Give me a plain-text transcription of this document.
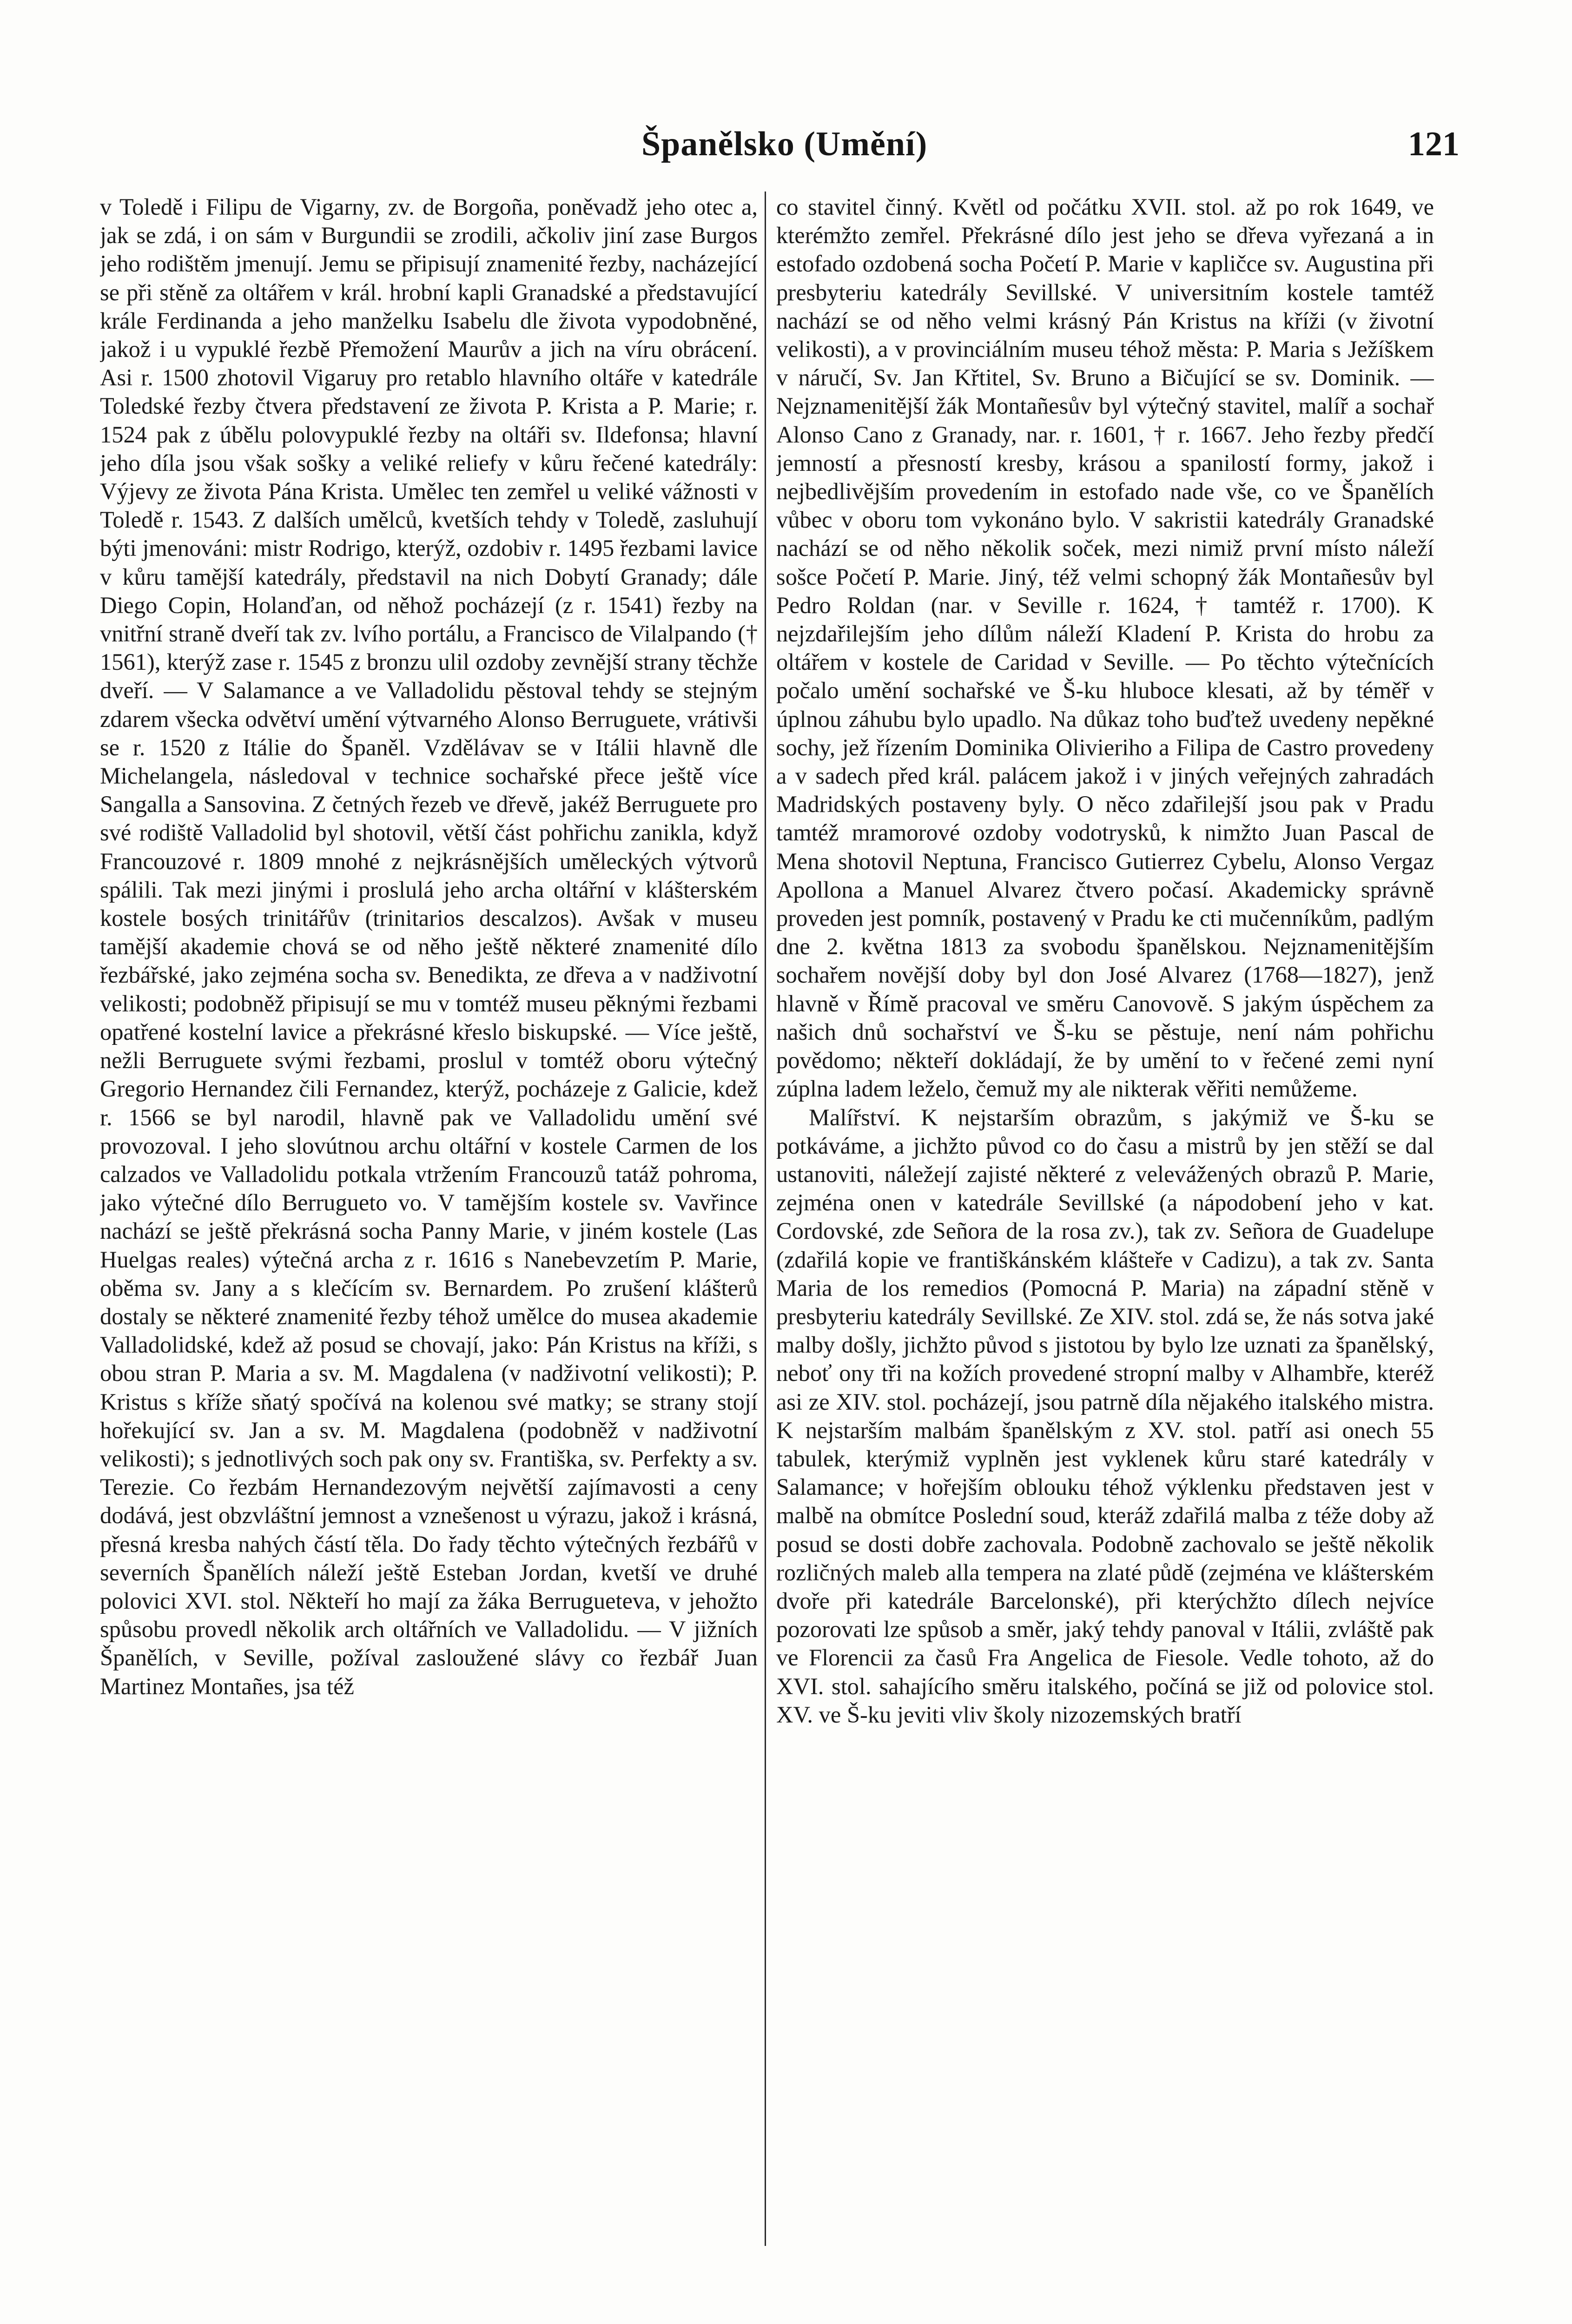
Španělsko (Umění)	121

v Toledě i Filipu de Vigarny, zv. de Borgoña, poněvadž jeho otec a, jak se zdá, i on sám v Burgundii se zrodili, ačkoliv jiní zase Burgos jeho rodištěm jmenují. Jemu se připisují znamenité řezby, nacházející se při stěně za oltářem v král. hrobní kapli Granadské a představující krále Ferdinanda a jeho manželku Isabelu dle života vypodobněné, jakož i u vypuklé řezbě Přemožení Maurův a jich na víru obrácení. Asi r. 1500 zhotovil Vigaruy pro retablo hlavního oltáře v katedrále Toledské řezby čtvera představení ze života P. Krista a P. Marie; r. 1524 pak z úbělu polovypuklé řezby na oltáři sv. Ildefonsa; hlavní jeho díla jsou však sošky a veliké reliefy v kůru řečené katedrály: Výjevy ze života Pána Krista. Umělec ten zemřel u veliké vážnosti v Toledě r. 1543. Z dalších umělců, kvetších tehdy v Toledě, zasluhují býti jmenováni: mistr Rodrigo, kterýž, ozdobiv r. 1495 řezbami lavice v kůru tamější katedrály, představil na nich Dobytí Granady; dále Diego Copin, Holanďan, od něhož pocházejí (z r. 1541) řezby na vnitřní straně dveří tak zv. lvího portálu, a Francisco de Vilalpando († 1561), kterýž zase r. 1545 z bronzu ulil ozdoby zevnější strany těchže dveří. — V Salamance a ve Valladolidu pěstoval tehdy se stejným zdarem všecka odvětví umění výtvarného Alonso Berruguete, vrátivši se r. 1520 z Itálie do Španěl. Vzdělávav se v Itálii hlavně dle Michelangela, následoval v technice sochařské přece ještě více Sangalla a Sansovina. Z četných řezeb ve dřevě, jakéž Berruguete pro své rodiště Valladolid byl shotovil, větší část pohřichu zanikla, když Francouzové r. 1809 mnohé z nejkrásnějších uměleckých výtvorů spálili. Tak mezi jinými i proslulá jeho archa oltářní v klášterském kostele bosých trinitářův (trinitarios descalzos). Avšak v museu tamější akademie chová se od něho ještě některé znamenité dílo řezbářské, jako zejména socha sv. Benedikta, ze dřeva a v nadživotní velikosti; podobněž připisují se mu v tomtéž museu pěknými řezbami opatřené kostelní lavice a překrásné křeslo biskupské. — Více ještě, nežli Berruguete svými řezbami, proslul v tomtéž oboru výtečný Gregorio Hernandez čili Fernandez, kterýž, pocházeje z Galicie, kdež r. 1566 se byl narodil, hlavně pak ve Valladolidu umění své provozoval. I jeho slovútnou archu oltářní v kostele Carmen de los calzados ve Valladolidu potkala vtržením Francouzů tatáž pohroma, jako výtečné dílo Berrugueto vo. V tamějším kostele sv. Vavřince nachází se ještě překrásná socha Panny Marie, v jiném kostele (Las Huelgas reales) výtečná archa z r. 1616 s Nanebevzetím P. Marie, oběma sv. Jany a s klečícím sv. Bernardem. Po zrušení klášterů dostaly se některé znamenité řezby téhož umělce do musea akademie Valladolidské, kdež až posud se chovají, jako: Pán Kristus na kříži, s obou stran P. Maria a sv. M. Magdalena (v nadživotní velikosti); P. Kristus s kříže sňatý spočívá na kolenou své matky; se strany stojí hořekující sv. Jan a sv. M. Magdalena (podobněž v nadživotní velikosti); s jednotlivých soch pak ony sv. Františka, sv. Perfekty a sv. Terezie. Co řezbám Hernandezovým největší zajímavosti a ceny dodává, jest obzvláštní jemnost a vznešenost u výrazu, jakož i krásná, přesná kresba nahých částí těla. Do řady těchto výtečných řezbářů v severních Španělích náleží ještě Esteban Jordan, kvetší ve druhé polovici XVI. stol. Někteří ho mají za žáka Berrugueteva, v jehožto spůsobu provedl několik arch oltářních ve Valladolidu. — V jižních Španělích, v Seville, požíval zasloužené slávy co řezbář Juan Martinez Montañes, jsa též

co stavitel činný. Květl od počátku XVII. stol. až po rok 1649, ve kterémžto zemřel. Překrásné dílo jest jeho se dřeva vyřezaná a in estofado ozdobená socha Početí P. Marie v kapličce sv. Augustina při presbyteriu katedrály Sevillské. V universitním kostele tamtéž nachází se od něho velmi krásný Pán Kristus na kříži (v životní velikosti), a v provinciálním museu téhož města: P. Maria s Ježíškem v náručí, Sv. Jan Křtitel, Sv. Bruno a Bičující se sv. Dominik. — Nejznamenitější žák Montañesův byl výtečný stavitel, malíř a sochař Alonso Cano z Granady, nar. r. 1601, † r. 1667. Jeho řezby předčí jemností a přesností kresby, krásou a spanilostí formy, jakož i nejbedlivějším provedením in estofado nade vše, co ve Španělích vůbec v oboru tom vykonáno bylo. V sakristii katedrály Granadské nachází se od něho několik soček, mezi nimiž první místo náleží sošce Početí P. Marie. Jiný, též velmi schopný žák Montañesův byl Pedro Roldan (nar. v Seville r. 1624, † tamtéž r. 1700). K nejzdařilejším jeho dílům náleží Kladení P. Krista do hrobu za oltářem v kostele de Caridad v Seville. — Po těchto výtečnících počalo umění sochařské ve Š-ku hluboce klesati, až by téměř v úplnou záhubu bylo upadlo. Na důkaz toho buďtež uvedeny nepěkné sochy, jež řízením Dominika Olivieriho a Filipa de Castro provedeny a v sadech před král. palácem jakož i v jiných veřejných zahradách Madridských postaveny byly. O něco zdařilejší jsou pak v Pradu tamtéž mramorové ozdoby vodotrysků, k nimžto Juan Pascal de Mena shotovil Neptuna, Francisco Gutierrez Cybelu, Alonso Vergaz Apollona a Manuel Alvarez čtvero počasí. Akademicky správně proveden jest pomník, postavený v Pradu ke cti mučenníkům, padlým dne 2. května 1813 za svobodu španělskou. Nejznamenitějším sochařem novější doby byl don José Alvarez (1768—1827), jenž hlavně v Římě pracoval ve směru Canovově. S jakým úspěchem za našich dnů sochařství ve Š-ku se pěstuje, není nám pohřichu povědomo; někteří dokládají, že by umění to v řečené zemi nyní zúplna ladem leželo, čemuž my ale nikterak věřiti nemůžeme.

Malířství. K nejstarším obrazům, s jakýmiž ve Š-ku se potkáváme, a jichžto původ co do času a mistrů by jen stěží se dal ustanoviti, náležejí zajisté některé z velevážených obrazů P. Marie, zejména onen v katedrále Sevillské (a nápodobení jeho v kat. Cordovské, zde Señora de la rosa zv.), tak zv. Señora de Guadelupe (zdařilá kopie ve františkánském klášteře v Cadizu), a tak zv. Santa Maria de los remedios (Pomocná P. Maria) na západní stěně v presbyteriu katedrály Sevillské. Ze XIV. stol. zdá se, že nás sotva jaké malby došly, jichžto původ s jistotou by bylo lze uznati za španělský, neboť ony tři na kožích provedené stropní malby v Alhambře, kteréž asi ze XIV. stol. pocházejí, jsou patrně díla nějakého italského mistra. K nejstarším malbám španělským z XV. stol. patří asi onech 55 tabulek, kterýmiž vyplněn jest vyklenek kůru staré katedrály v Salamance; v hořejším oblouku téhož výklenku představen jest v malbě na obmítce Poslední soud, kteráž zdařilá malba z téže doby až posud se dosti dobře zachovala. Podobně zachovalo se ještě několik rozličných maleb alla tempera na zlaté půdě (zejména ve klášterském dvoře při katedrále Barcelonské), při kterýchžto dílech nejvíce pozorovati lze spůsob a směr, jaký tehdy panoval v Itálii, zvláště pak ve Florencii za časů Fra Angelica de Fiesole. Vedle tohoto, až do XVI. stol. sahajícího směru italského, počíná se již od polovice stol. XV. ve Š-ku jeviti vliv školy nizozemských bratří
